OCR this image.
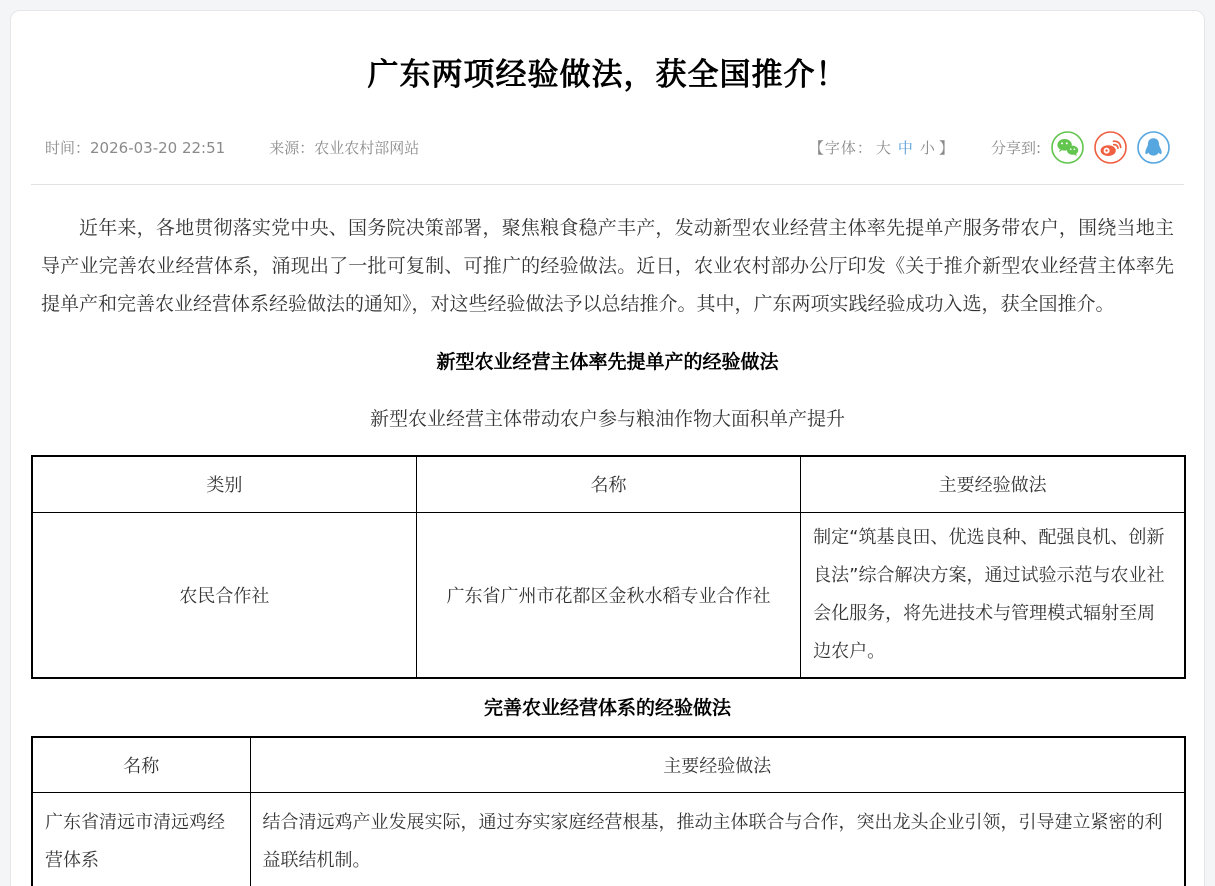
广东两项经验做法，获全国推介！
时间：2026-03-20 22:51	来源：农业农村部网站	【字体： 大 中 小 】 分享到:

近年来，各地贯彻落实党中央、国务院决策部署，聚焦粮食稳产丰产，发动新型农业经营主体率先提单产服务带农户，围绕当地主导产业完善农业经营体系，涌现出了一批可复制、可推广的经验做法。近日，农业农村部办公厅印发《关于推介新型农业经营主体率先提单产和完善农业经营体系经验做法的通知》，对这些经验做法予以总结推介。其中，广东两项实践经验成功入选，获全国推介。

新型农业经营主体率先提单产的经验做法

新型农业经营主体带动农户参与粮油作物大面积单产提升

类别	名称	主要经验做法
农民合作社	广东省广州市花都区金秋水稻专业合作社	制定“筑基良田、优选良种、配强良机、创新良法”综合解决方案，通过试验示范与农业社会化服务，将先进技术与管理模式辐射至周边农户。
完善农业经营体系的经验做法
名称	主要经验做法
广东省清远市清远鸡经营体系	结合清远鸡产业发展实际，通过夯实家庭经营根基，推动主体联合与合作，突出龙头企业引领，引导建立紧密的利益联结机制。
